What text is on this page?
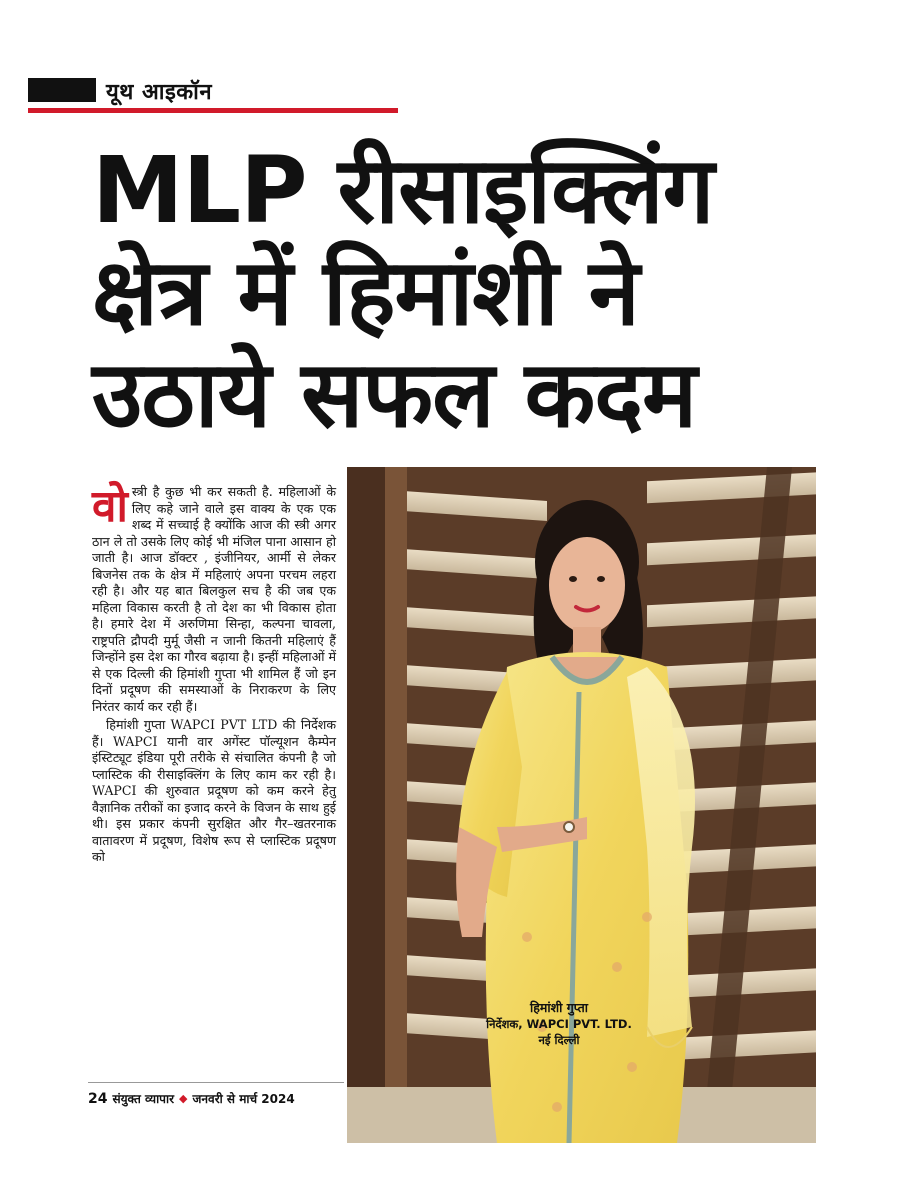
यूथ आइकॉन
MLP रीसाइक्लिंग
क्षेत्र में हिमांशी ने
उठाये सफल कदम
वो स्त्री है कुछ भी कर सकती है. महिलाओं के लिए कहे जाने वाले इस वाक्य के एक एक शब्द में सच्चाई है क्योंकि आज की स्त्री अगर ठान ले तो उसके लिए कोई भी मंजिल पाना आसान हो जाती है। आज डॉक्टर , इंजीनियर, आर्मी से लेकर बिजनेस तक के क्षेत्र में महिलाएं अपना परचम लहरा रही है। और यह बात बिलकुल सच है की जब एक महिला विकास करती है तो देश का भी विकास होता है। हमारे देश में अरुणिमा सिन्हा, कल्पना चावला, राष्ट्रपति द्रौपदी मुर्मू जैसी न जानी कितनी महिलाएं हैं जिन्होंने इस देश का गौरव बढ़ाया है। इन्हीं महिलाओं में से एक दिल्ली की हिमांशी गुप्ता भी शामिल हैं जो इन दिनों प्रदूषण की समस्याओं के निराकरण के लिए निरंतर कार्य कर रही हैं।

हिमांशी गुप्ता WAPCI PVT LTD की निर्देशक हैं। WAPCI यानी वार अगेंस्ट पॉल्यूशन कैम्पेन इंस्टिट्यूट इंडिया पूरी तरीके से संचालित कंपनी है जो प्लास्टिक की रीसाइक्लिंग के लिए काम कर रही है। WAPCI की शुरुवात प्रदूषण को कम करने हेतु वैज्ञानिक तरीकों का इजाद करने के विजन के साथ हुई थी। इस प्रकार कंपनी सुरक्षित और गैर–खतरनाक वातावरण में प्रदूषण, विशेष रूप से प्लास्टिक प्रदूषण को

हिमांशी गुप्ता
निर्देशक, WAPCI PVT. LTD.
नई दिल्ली
24 संयुक्त व्यापार ◆ जनवरी से मार्च 2024
